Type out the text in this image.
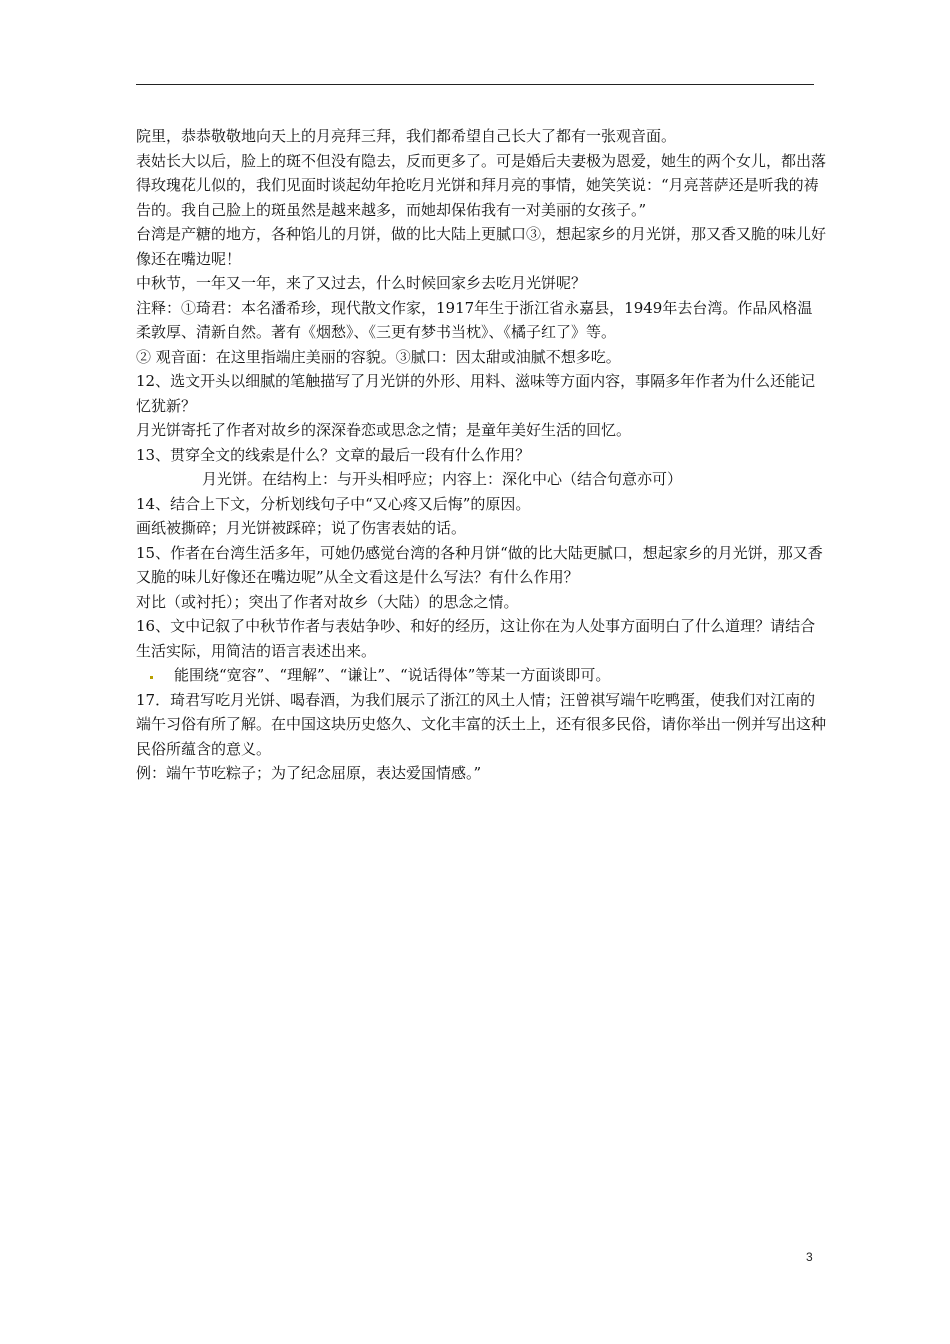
院里，恭恭敬敬地向天上的月亮拜三拜，我们都希望自己长大了都有一张观音面。

表姑长大以后，脸上的斑不但没有隐去，反而更多了。可是婚后夫妻极为恩爱，她生的两个女儿，都出落得玫瑰花儿似的，我们见面时谈起幼年抢吃月光饼和拜月亮的事情，她笑笑说：“月亮菩萨还是听我的祷告的。我自己脸上的斑虽然是越来越多，而她却保佑我有一对美丽的女孩子。”

台湾是产糖的地方，各种馅儿的月饼，做的比大陆上更腻口③，想起家乡的月光饼，那又香又脆的味儿好像还在嘴边呢！

中秋节，一年又一年，来了又过去，什么时候回家乡去吃月光饼呢？

注释：①琦君：本名潘希珍，现代散文作家，1917年生于浙江省永嘉县，1949年去台湾。作品风格温柔敦厚、清新自然。著有《烟愁》、《三更有梦书当枕》、《橘子红了》等。

② 观音面：在这里指端庄美丽的容貌。③腻口：因太甜或油腻不想多吃。

12、选文开头以细腻的笔触描写了月光饼的外形、用料、滋味等方面内容，事隔多年作者为什么还能记忆犹新？

月光饼寄托了作者对故乡的深深眷恋或思念之情；是童年美好生活的回忆。

13、贯穿全文的线索是什么？文章的最后一段有什么作用？

月光饼。在结构上：与开头相呼应；内容上：深化中心（结合句意亦可）

14、结合上下文，分析划线句子中“又心疼又后悔”的原因。

画纸被撕碎；月光饼被踩碎；说了伤害表姑的话。

15、作者在台湾生活多年，可她仍感觉台湾的各种月饼“做的比大陆更腻口，想起家乡的月光饼，那又香又脆的味儿好像还在嘴边呢”从全文看这是什么写法？有什么作用？

对比（或衬托）；突出了作者对故乡（大陆）的思念之情。

16、文中记叙了中秋节作者与表姑争吵、和好的经历，这让你在为人处事方面明白了什么道理？请结合生活实际，用简洁的语言表述出来。

能围绕“宽容”、“理解”、“谦让”、“说话得体”等某一方面谈即可。

17．琦君写吃月光饼、喝春酒，为我们展示了浙江的风土人情；汪曾祺写端午吃鸭蛋，使我们对江南的端午习俗有所了解。在中国这块历史悠久、文化丰富的沃土上，还有很多民俗，请你举出一例并写出这种民俗所蕴含的意义。

例：端午节吃粽子；为了纪念屈原，表达爱国情感。”

3
